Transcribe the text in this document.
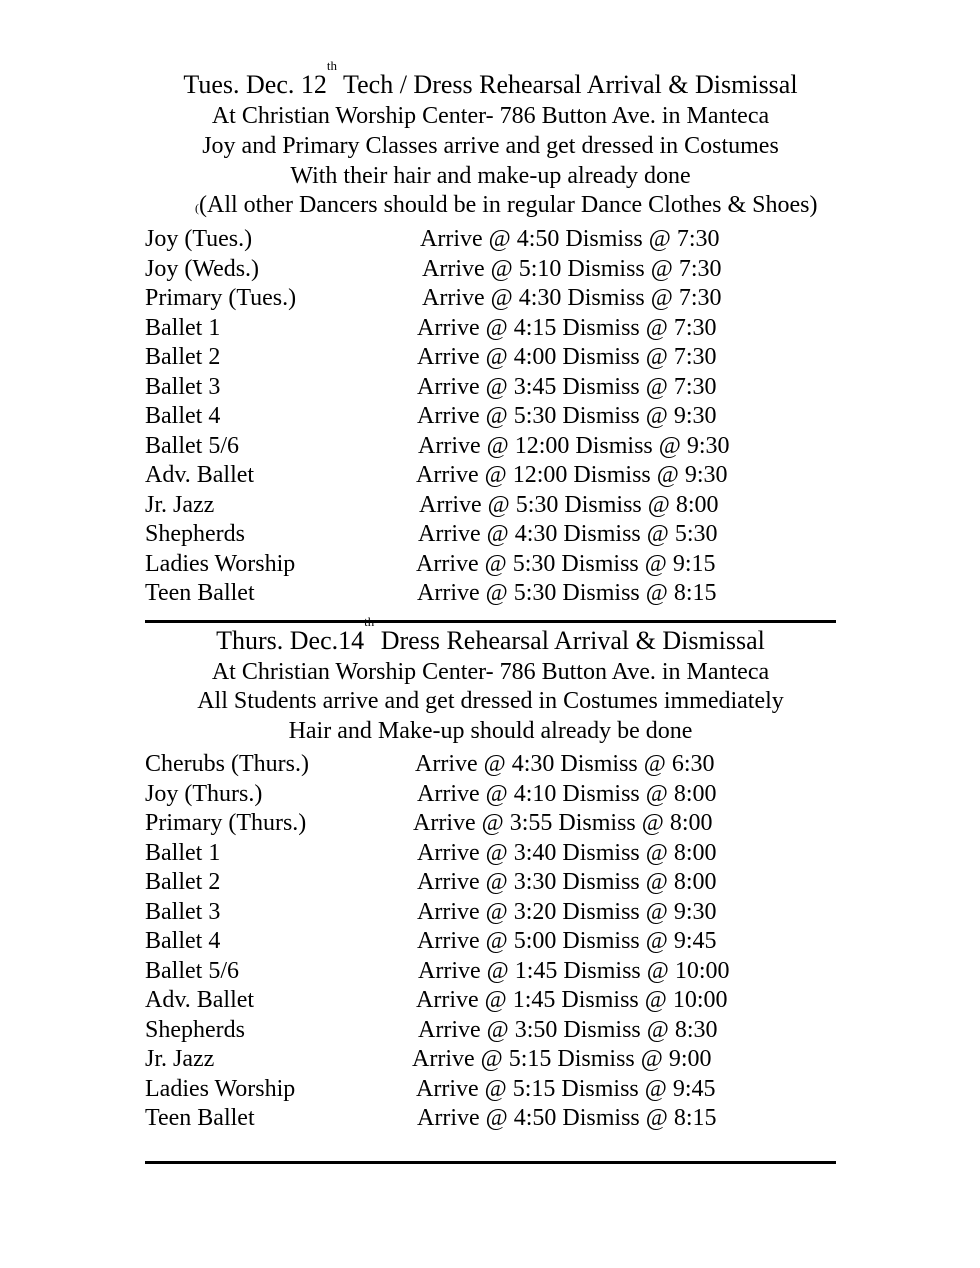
Tues. Dec. 12th Tech / Dress Rehearsal Arrival & Dismissal
At Christian Worship Center- 786 Button Ave. in Manteca
Joy and Primary Classes arrive and get dressed in Costumes
With their hair and make-up already done
((All other Dancers should be in regular Dance Clothes & Shoes)
Joy (Tues.)	Arrive @ 4:50 Dismiss @ 7:30
Joy (Weds.)	Arrive @ 5:10 Dismiss @ 7:30
Primary (Tues.)	Arrive @ 4:30 Dismiss @ 7:30
Ballet 1	Arrive @ 4:15 Dismiss @ 7:30
Ballet 2	Arrive @ 4:00 Dismiss @ 7:30
Ballet 3	Arrive @ 3:45 Dismiss @ 7:30
Ballet 4	Arrive @ 5:30 Dismiss @ 9:30
Ballet 5/6	Arrive @ 12:00 Dismiss @ 9:30
Adv. Ballet	Arrive @ 12:00 Dismiss @ 9:30
Jr. Jazz	Arrive @ 5:30 Dismiss @ 8:00
Shepherds	Arrive @ 4:30 Dismiss @ 5:30
Ladies Worship	Arrive @ 5:30 Dismiss @ 9:15
Teen Ballet	Arrive @ 5:30 Dismiss @ 8:15
Thurs. Dec.14th Dress Rehearsal Arrival & Dismissal
At Christian Worship Center- 786 Button Ave. in Manteca
All Students arrive and get dressed in Costumes immediately
Hair and Make-up should already be done
Cherubs (Thurs.)	Arrive @ 4:30 Dismiss @ 6:30
Joy (Thurs.)	Arrive @ 4:10 Dismiss @ 8:00
Primary (Thurs.)	Arrive @ 3:55 Dismiss @ 8:00
Ballet 1	Arrive @ 3:40 Dismiss @ 8:00
Ballet 2	Arrive @ 3:30 Dismiss @ 8:00
Ballet 3	Arrive @ 3:20 Dismiss @ 9:30
Ballet 4	Arrive @ 5:00 Dismiss @ 9:45
Ballet 5/6	Arrive @ 1:45 Dismiss @ 10:00
Adv. Ballet	Arrive @ 1:45 Dismiss @ 10:00
Shepherds	Arrive @ 3:50 Dismiss @ 8:30
Jr. Jazz	Arrive @ 5:15 Dismiss @ 9:00
Ladies Worship	Arrive @ 5:15 Dismiss @ 9:45
Teen Ballet	Arrive @ 4:50 Dismiss @ 8:15
